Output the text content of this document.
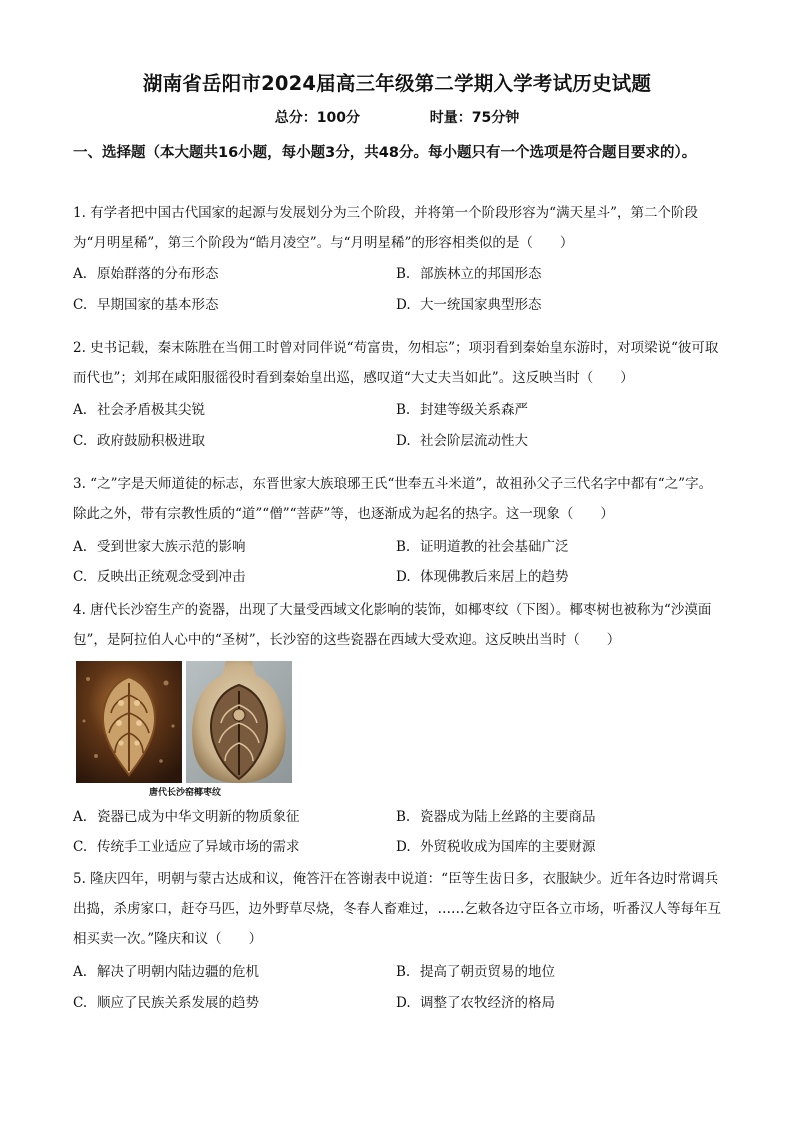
湖南省岳阳市2024届高三年级第二学期入学考试历史试题
总分：100分	时量：75分钟
一、选择题（本大题共16小题，每小题3分，共48分。每小题只有一个选项是符合题目要求的）。
1. 有学者把中国古代国家的起源与发展划分为三个阶段，并将第一个阶段形容为“满天星斗”，第二个阶段为“月明星稀”，第三个阶段为“皓月凌空”。与“月明星稀”的形容相类似的是（　　）
A. 原始群落的分布形态	B. 部族林立的邦国形态
C. 早期国家的基本形态	D. 大一统国家典型形态
2. 史书记载，秦末陈胜在当佣工时曾对同伴说“苟富贵，勿相忘”；项羽看到秦始皇东游时，对项梁说“彼可取而代也”；刘邦在咸阳服徭役时看到秦始皇出巡，感叹道“大丈夫当如此”。这反映当时（　　）
A. 社会矛盾极其尖锐	B. 封建等级关系森严
C. 政府鼓励积极进取	D. 社会阶层流动性大
3. “之”字是天师道徒的标志，东晋世家大族琅琊王氏“世奉五斗米道”，故祖孙父子三代名字中都有“之”字。除此之外，带有宗教性质的“道”“僧”“菩萨”等，也逐渐成为起名的热字。这一现象（　　）
A. 受到世家大族示范的影响	B. 证明道教的社会基础广泛
C. 反映出正统观念受到冲击	D. 体现佛教后来居上的趋势
4. 唐代长沙窑生产的瓷器，出现了大量受西域文化影响的装饰，如椰枣纹（下图）。椰枣树也被称为“沙漠面包”，是阿拉伯人心中的“圣树”，长沙窑的这些瓷器在西域大受欢迎。这反映出当时（　　）
唐代长沙窑椰枣纹
A. 瓷器已成为中华文明新的物质象征	B. 瓷器成为陆上丝路的主要商品
C. 传统手工业适应了异域市场的需求	D. 外贸税收成为国库的主要财源
5. 隆庆四年，明朝与蒙古达成和议，俺答汗在答谢表中说道：“臣等生齿日多，衣服缺少。近年各边时常调兵出捣，杀虏家口，赶夺马匹，边外野草尽烧，冬春人畜难过，……乞敕各边守臣各立市场，听番汉人等每年互相买卖一次。”隆庆和议（　　）
A. 解决了明朝内陆边疆的危机	B. 提高了朝贡贸易的地位
C. 顺应了民族关系发展的趋势	D. 调整了农牧经济的格局
